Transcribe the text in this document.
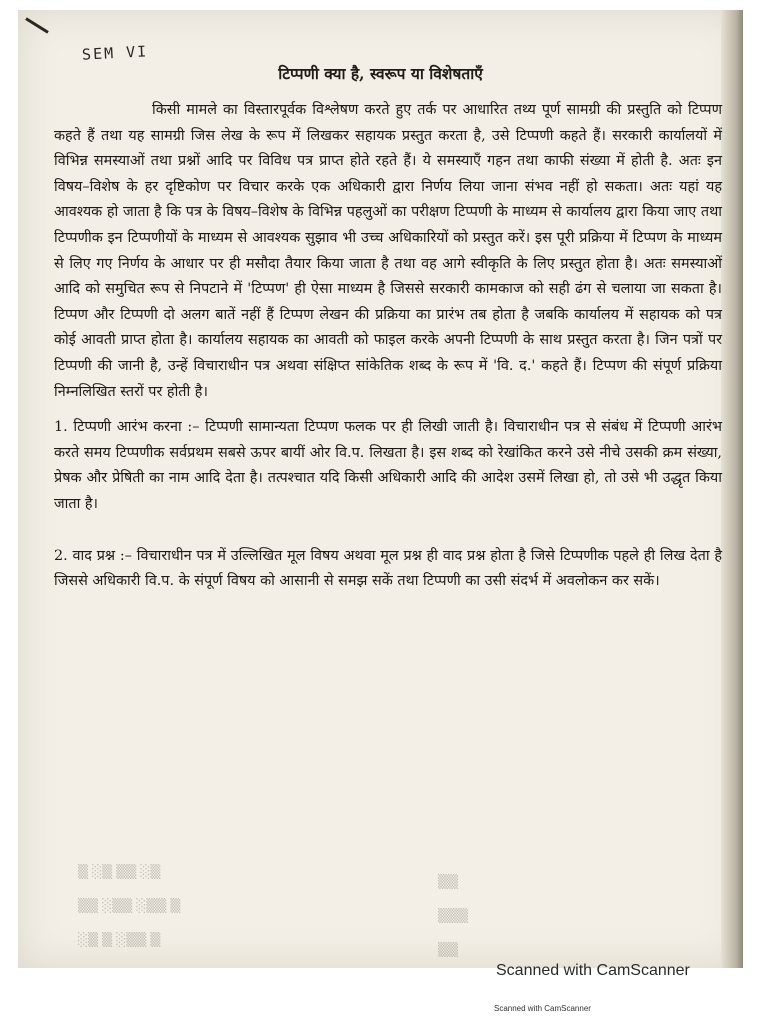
SEM VI
टिप्पणी क्या है, स्वरूप या विशेषताएँ

किसी मामले का विस्तारपूर्वक विश्लेषण करते हुए तर्क पर आधारित तथ्य पूर्ण सामग्री की प्रस्तुति को टिप्पण कहते हैं तथा यह सामग्री जिस लेख के रूप में लिखकर सहायक प्रस्तुत करता है, उसे टिप्पणी कहते हैं। सरकारी कार्यालयों में विभिन्न समस्याओं तथा प्रश्नों आदि पर विविध पत्र प्राप्त होते रहते हैं। ये समस्याएँ गहन तथा काफी संख्या में होती है. अतः इन विषय–विशेष के हर दृष्टिकोण पर विचार करके एक अधिकारी द्वारा निर्णय लिया जाना संभव नहीं हो सकता। अतः यहां यह आवश्यक हो जाता है कि पत्र के विषय–विशेष के विभिन्न पहलुओं का परीक्षण टिप्पणी के माध्यम से कार्यालय द्वारा किया जाए तथा टिप्पणीक इन टिप्पणीयों के माध्यम से आवश्यक सुझाव भी उच्च अधिकारियों को प्रस्तुत करें। इस पूरी प्रक्रिया में टिप्पण के माध्यम से लिए गए निर्णय के आधार पर ही मसौदा तैयार किया जाता है तथा वह आगे स्वीकृति के लिए प्रस्तुत होता है। अतः समस्याओं आदि को समुचित रूप से निपटाने में 'टिप्पण' ही ऐसा माध्यम है जिससे सरकारी कामकाज को सही ढंग से चलाया जा सकता है। टिप्पण और टिप्पणी दो अलग बातें नहीं हैं टिप्पण लेखन की प्रक्रिया का प्रारंभ तब होता है जबकि कार्यालय में सहायक को पत्र कोई आवती प्राप्त होता है। कार्यालय सहायक का आवती को फाइल करके अपनी टिप्पणी के साथ प्रस्तुत करता है। जिन पत्रों पर टिप्पणी की जानी है, उन्हें विचाराधीन पत्र अथवा संक्षिप्त सांकेतिक शब्द के रूप में 'वि. द.' कहते हैं। टिप्पण की संपूर्ण प्रक्रिया निम्नलिखित स्तरों पर होती है।

1. टिप्पणी आरंभ करना :– टिप्पणी सामान्यता टिप्पण फलक पर ही लिखी जाती है। विचाराधीन पत्र से संबंध में टिप्पणी आरंभ करते समय टिप्पणीक सर्वप्रथम सबसे ऊपर बायीं ओर वि.प. लिखता है। इस शब्द को रेखांकित करने उसे नीचे उसकी क्रम संख्या, प्रेषक और प्रेषिती का नाम आदि देता है। तत्पश्चात यदि किसी अधिकारी आदि की आदेश उसमें लिखा हो, तो उसे भी उद्धृत किया जाता है।

2. वाद प्रश्न :– विचाराधीन पत्र में उल्लिखित मूल विषय अथवा मूल प्रश्न ही वाद प्रश्न होता है जिसे टिप्पणीक पहले ही लिख देता है जिससे अधिकारी वि.प. के संपूर्ण विषय को आसानी से समझ सकें तथा टिप्पणी का उसी संदर्भ में अवलोकन कर सकें।

▒ ░▒ ▒▒ ░▒
▒▒ ░▒▒ ░▒▒ ▒
░▒ ▒ ░▒▒ ▒
▒▒
▒▒▒
▒▒
Scanned with CamScanner
Scanned with CamScanner
